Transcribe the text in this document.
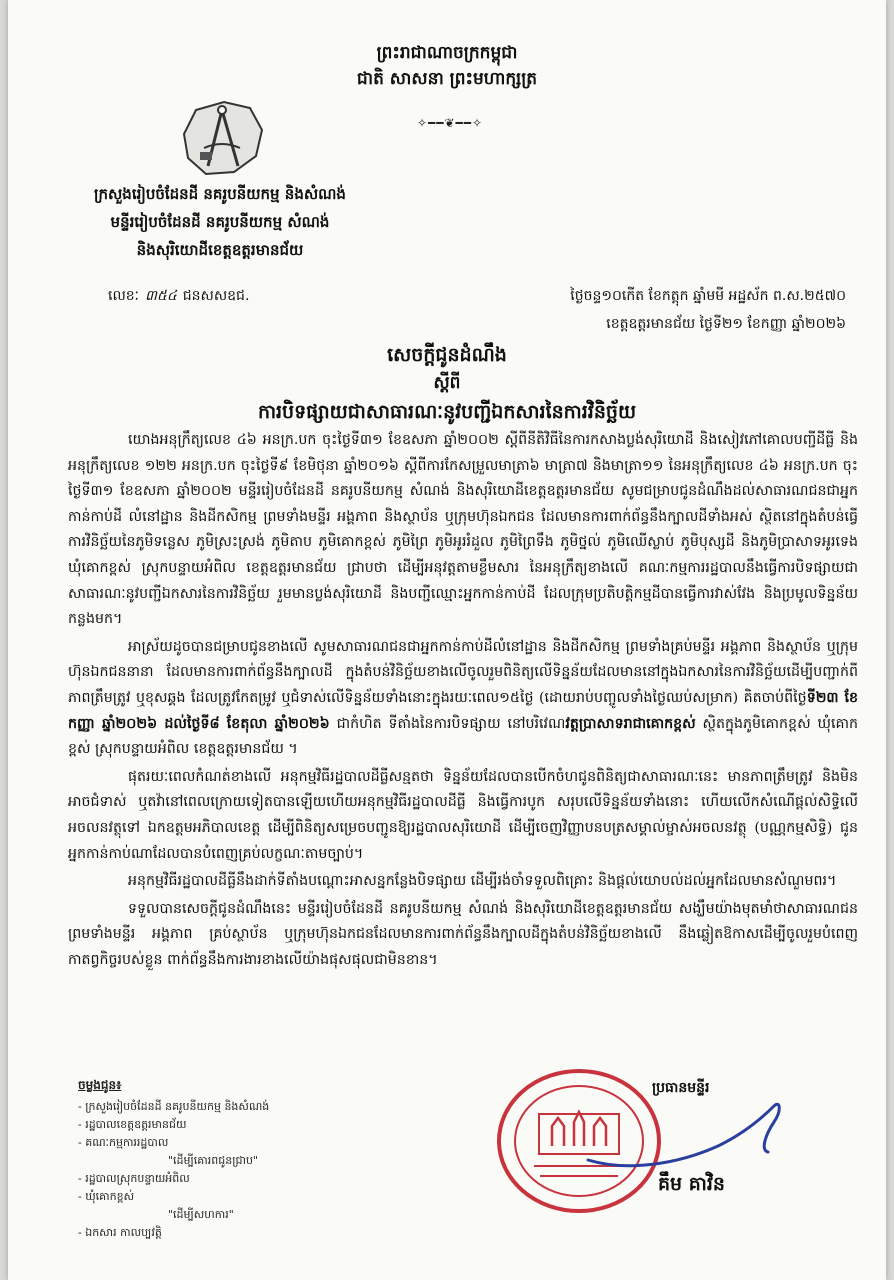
ព្រះរាជាណាចក្រកម្ពុជា
ជាតិ សាសនា ព្រះមហាក្សត្រ
✧━━❦━━✧
ក្រសួងរៀបចំដែនដី នគរូបនីយកម្ម និងសំណង់
មន្ទីររៀបចំដែនដី នគរូបនីយកម្ម សំណង់
និងសុរិយោដីខេត្តឧត្តរមានជ័យ
លេខៈ ៣៥៤ ជនសសឧជ.	ថ្ងៃចន្ទ១០កើត ខែកត្ដុក ឆ្នាំមមី អដ្ឋស័ក ព.ស.២៥៧០
ខេត្តឧត្តរមានជ័យ ថ្ងៃទី២១ ខែកញ្ញា ឆ្នាំ២០២៦
សេចក្ដីជូនដំណឹង
ស្ដីពី
ការបិទផ្សាយជាសាធារណៈនូវបញ្ជីឯកសារនៃការវិនិច្ឆ័យ

យោងអនុក្រឹត្យលេខ ៤៦ អនក្រ.បក ចុះថ្ងៃទី៣១ ខែឧសភា ឆ្នាំ២០០២ ស្ដីពីនីតិវិធីនៃការកសាងប្លង់សុរិយោដី និងសៀវភៅគោលបញ្ជីដីធ្លី និងអនុក្រឹត្យលេខ ១២២ អនក្រ.បក ចុះថ្ងៃទី៩ ខែមិថុនា ឆ្នាំ២០១៦ ស្ដីពីការកែសម្រួលមាត្រា៦ មាត្រា៧ និងមាត្រា១១ នៃអនុក្រឹត្យលេខ ៤៦ អនក្រ.បក ចុះថ្ងៃទី៣១ ខែឧសភា ឆ្នាំ២០០២ មន្ទីររៀបចំដែនដី នគរូបនីយកម្ម សំណង់ និងសុរិយោដីខេត្តឧត្តរមានជ័យ សូមជម្រាបជូនដំណឹងដល់សាធារណជនជាអ្នកកាន់កាប់ដី លំនៅដ្ឋាន និងដីកសិកម្ម ព្រមទាំងមន្ទីរ អង្គភាព និងស្ថាប័ន ឬក្រុមហ៊ុនឯកជន ដែលមានការពាក់ព័ន្ធនឹងក្បាលដីទាំងអស់ ស្ថិតនៅក្នុងតំបន់ធ្វើការវិនិច្ឆ័យនៃភូមិទន្លេស ភូមិស្រះស្រង់ ភូមិតាប ភូមិគោកខ្ពស់ ភូមិព្រៃ ភូមិអូររំដួល ភូមិព្រៃទឹង ភូមិថ្នល់ ភូមិឈើស្លាប់ ភូមិបុស្សដី និងភូមិប្រាសាទអូរទេង ឃុំគោកខ្ពស់ ស្រុកបន្ទាយអំពិល ខេត្តឧត្តរមានជ័យ ជ្រាបថា ដើម្បីអនុវត្តតាមខ្លឹមសារ នៃអនុក្រឹត្យខាងលើ គណៈកម្មការរដ្ឋបាលនឹងធ្វើការបិទផ្សាយជាសាធារណៈនូវបញ្ជីឯកសារនៃការវិនិច្ឆ័យ រួមមានប្លង់សុរិយោដី និងបញ្ជីឈ្មោះអ្នកកាន់កាប់ដី ដែលក្រុមប្រតិបត្តិកម្មដីបានធ្វើការវាស់វែង និងប្រមូលទិន្នន័យកន្លងមក។

អាស្រ័យដូចបានជម្រាបជូនខាងលើ សូមសាធារណជនជាអ្នកកាន់កាប់ដីលំនៅដ្ឋាន និងដីកសិកម្ម ព្រមទាំងគ្រប់មន្ទីរ អង្គភាព និងស្ថាប័ន ឬក្រុមហ៊ុនឯកជននានា ដែលមានការពាក់ព័ន្ធនឹងក្បាលដី ក្នុងតំបន់វិនិច្ឆ័យខាងលើចូលរួមពិនិត្យលើទិន្នន័យដែលមាននៅក្នុងឯកសារនៃការវិនិច្ឆ័យដើម្បីបញ្ជាក់ពីភាពត្រឹមត្រូវ ឬខុសឆ្គង ដែលត្រូវកែតម្រូវ ឬជំទាស់លើទិន្នន័យទាំងនោះក្នុងរយៈពេល១៥ថ្ងៃ (ដោយរាប់បញ្ចូលទាំងថ្ងៃឈប់សម្រាក) គិតចាប់ពីថ្ងៃទី២៣ ខែកញ្ញា ឆ្នាំ២០២៦ ដល់ថ្ងៃទី៨ ខែតុលា ឆ្នាំ២០២៦ ជាកំហិត ទីតាំងនៃការបិទផ្សាយ នៅបរិវេណវត្តប្រាសាទរាជាគោកខ្ពស់ ស្ថិតក្នុងភូមិគោកខ្ពស់ ឃុំគោកខ្ពស់ ស្រុកបន្ទាយអំពិល ខេត្តឧត្តរមានជ័យ ។

ផុតរយៈពេលកំណត់ខាងលើ អនុកម្មវិធីរដ្ឋបាលដីធ្លីសន្មតថា ទិន្នន័យដែលបានបើកចំហជូនពិនិត្យជាសាធារណៈនេះ មានភាពត្រឹមត្រូវ និងមិនអាចជំទាស់ ឬតវ៉ានៅពេលក្រោយទៀតបានឡើយហើយអនុកម្មវិធីរដ្ឋបាលដីធ្លី និងធ្វើការបូក សរុបលើទិន្នន័យទាំងនោះ ហើយលើកសំណើផ្ដល់សិទ្ធិលើអចលនវត្ថុទៅ ឯកឧត្ដមអភិបាលខេត្ត ដើម្បីពិនិត្យសម្រេចបញ្ជូនឱ្យរដ្ឋបាលសុរិយោដី ដើម្បីចេញវិញ្ញាបនបត្រសម្គាល់ម្ចាស់អចលនវត្ថុ (បណ្ណកម្មសិទ្ធិ) ជូនអ្នកកាន់កាប់ណាដែលបានបំពេញគ្រប់លក្ខណៈតាមច្បាប់។

អនុកម្មវិធីរដ្ឋបាលដីធ្លីនឹងដាក់ទីតាំងបណ្ដោះអាសន្នកន្លែងបិទផ្សាយ ដើម្បីរង់ចាំទទួលពិគ្រោះ និងផ្ដល់យោបល់ដល់អ្នកដែលមានសំណួមពរ។

ទទួលបានសេចក្ដីជូនដំណឹងនេះ មន្ទីររៀបចំដែនដី នគរូបនីយកម្ម សំណង់ និងសុរិយោដីខេត្តឧត្តរមានជ័យ សង្ឃឹមយ៉ាងមុតមាំថាសាធារណជន ព្រមទាំងមន្ទីរ អង្គភាព គ្រប់ស្ថាប័ន ឬក្រុមហ៊ុនឯកជនដែលមានការពាក់ព័ន្ធនឹងក្បាលដីក្នុងតំបន់វិនិច្ឆ័យខាងលើ នឹងឆ្លៀតឱកាសដើម្បីចូលរួមបំពេញកាតព្វកិច្ចរបស់ខ្លួន ពាក់ព័ន្ធនឹងការងារខាងលើយ៉ាងផុសផុលជាមិនខាន។

ចម្លងជូន៖
- ក្រសួងរៀបចំដែនដី នគរូបនីយកម្ម និងសំណង់
- រដ្ឋបាលខេត្តឧត្តរមានជ័យ
- គណៈកម្មការរដ្ឋបាល
"ដើម្បីគោរពជូនជ្រាប"
- រដ្ឋបាលស្រុកបន្ទាយអំពិល
- ឃុំគោកខ្ពស់
"ដើម្បីសហការ"
- ឯកសារ កាលប្បវត្តិ
ប្រធានមន្ទីរ
គឹម គាវិន
